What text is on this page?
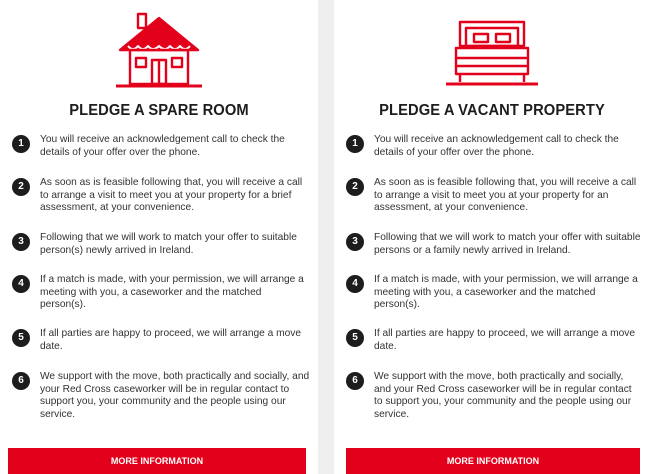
PLEDGE A SPARE ROOM
1	You will receive an acknowledgement call to check the details of your offer over the phone.
2	As soon as is feasible following that, you will receive a call to arrange a visit to meet you at your property for a brief assessment, at your convenience.
3	Following that we will work to match your offer to suitable person(s) newly arrived in Ireland.
4	If a match is made, with your permission, we will arrange a meeting with you, a caseworker and the matched person(s).
5	If all parties are happy to proceed, we will arrange a move date.
6	We support with the move, both practically and socially, and your Red Cross caseworker will be in regular contact to support you, your community and the people using our service.
MORE INFORMATION
PLEDGE A VACANT PROPERTY
1	You will receive an acknowledgement call to check the details of your offer over the phone.
2	As soon as is feasible following that, you will receive a call to arrange a visit to meet you at your property for an assessment, at your convenience.
3	Following that we will work to match your offer with suitable persons or a family newly arrived in Ireland.
4	If a match is made, with your permission, we will arrange a meeting with you, a caseworker and the matched person(s).
5	If all parties are happy to proceed, we will arrange a move date.
6	We support with the move, both practically and socially, and your Red Cross caseworker will be in regular contact to support you, your community and the people using our service.
MORE INFORMATION
